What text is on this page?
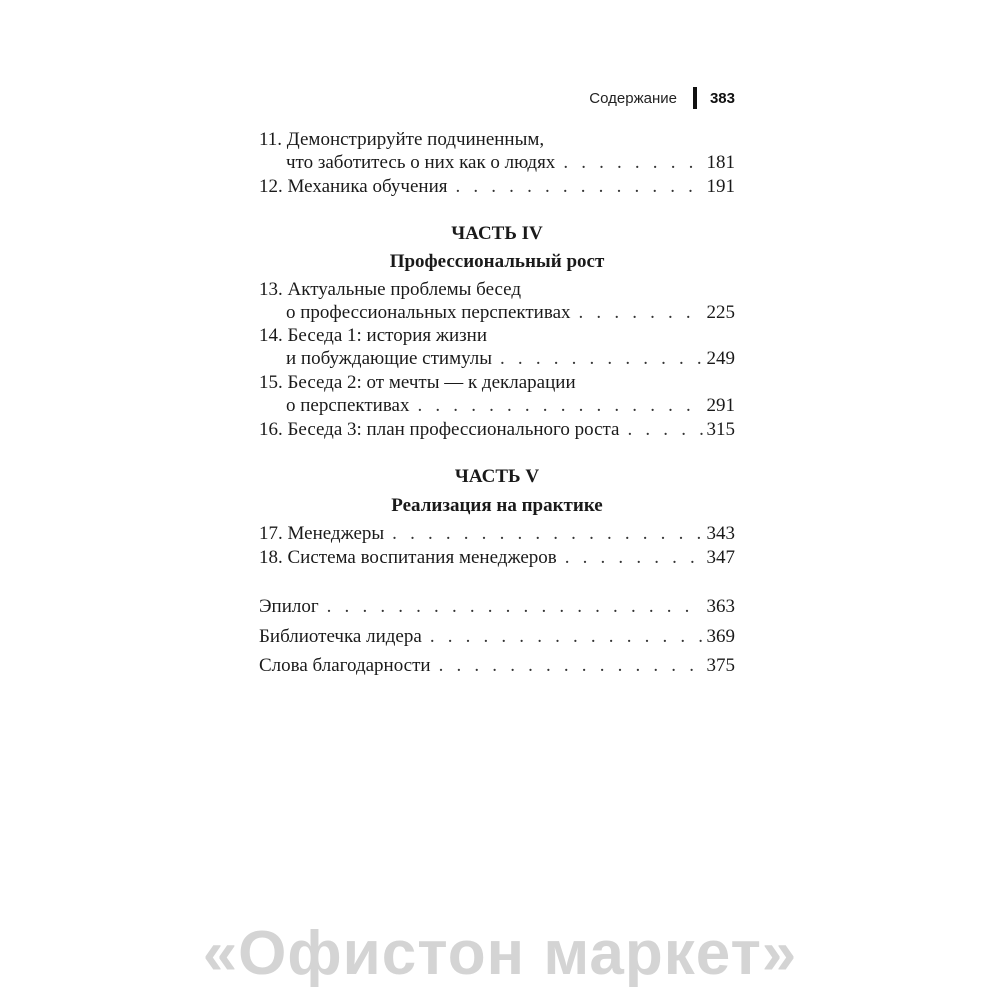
Содержание 383
11. Демонстрируйте подчиненным,
что заботитесь о них как о людях . . .	181
12. Механика обучения . . .	191
ЧАСТЬ IV
Профессиональный рост
13. Актуальные проблемы бесед
о профессиональных перспективах . . .	225
14. Беседа 1: история жизни
и побуждающие стимулы . . .	249
15. Беседа 2: от мечты — к декларации
о перспективах . . .	291
16. Беседа 3: план профессионального роста . . .	315
ЧАСТЬ V
Реализация на практике
17. Менеджеры . . .	343
18. Система воспитания менеджеров . . .	347
Эпилог . . .	363
Библиотечка лидера . . .	369
Слова благодарности . . .	375
«Офистон маркет»
